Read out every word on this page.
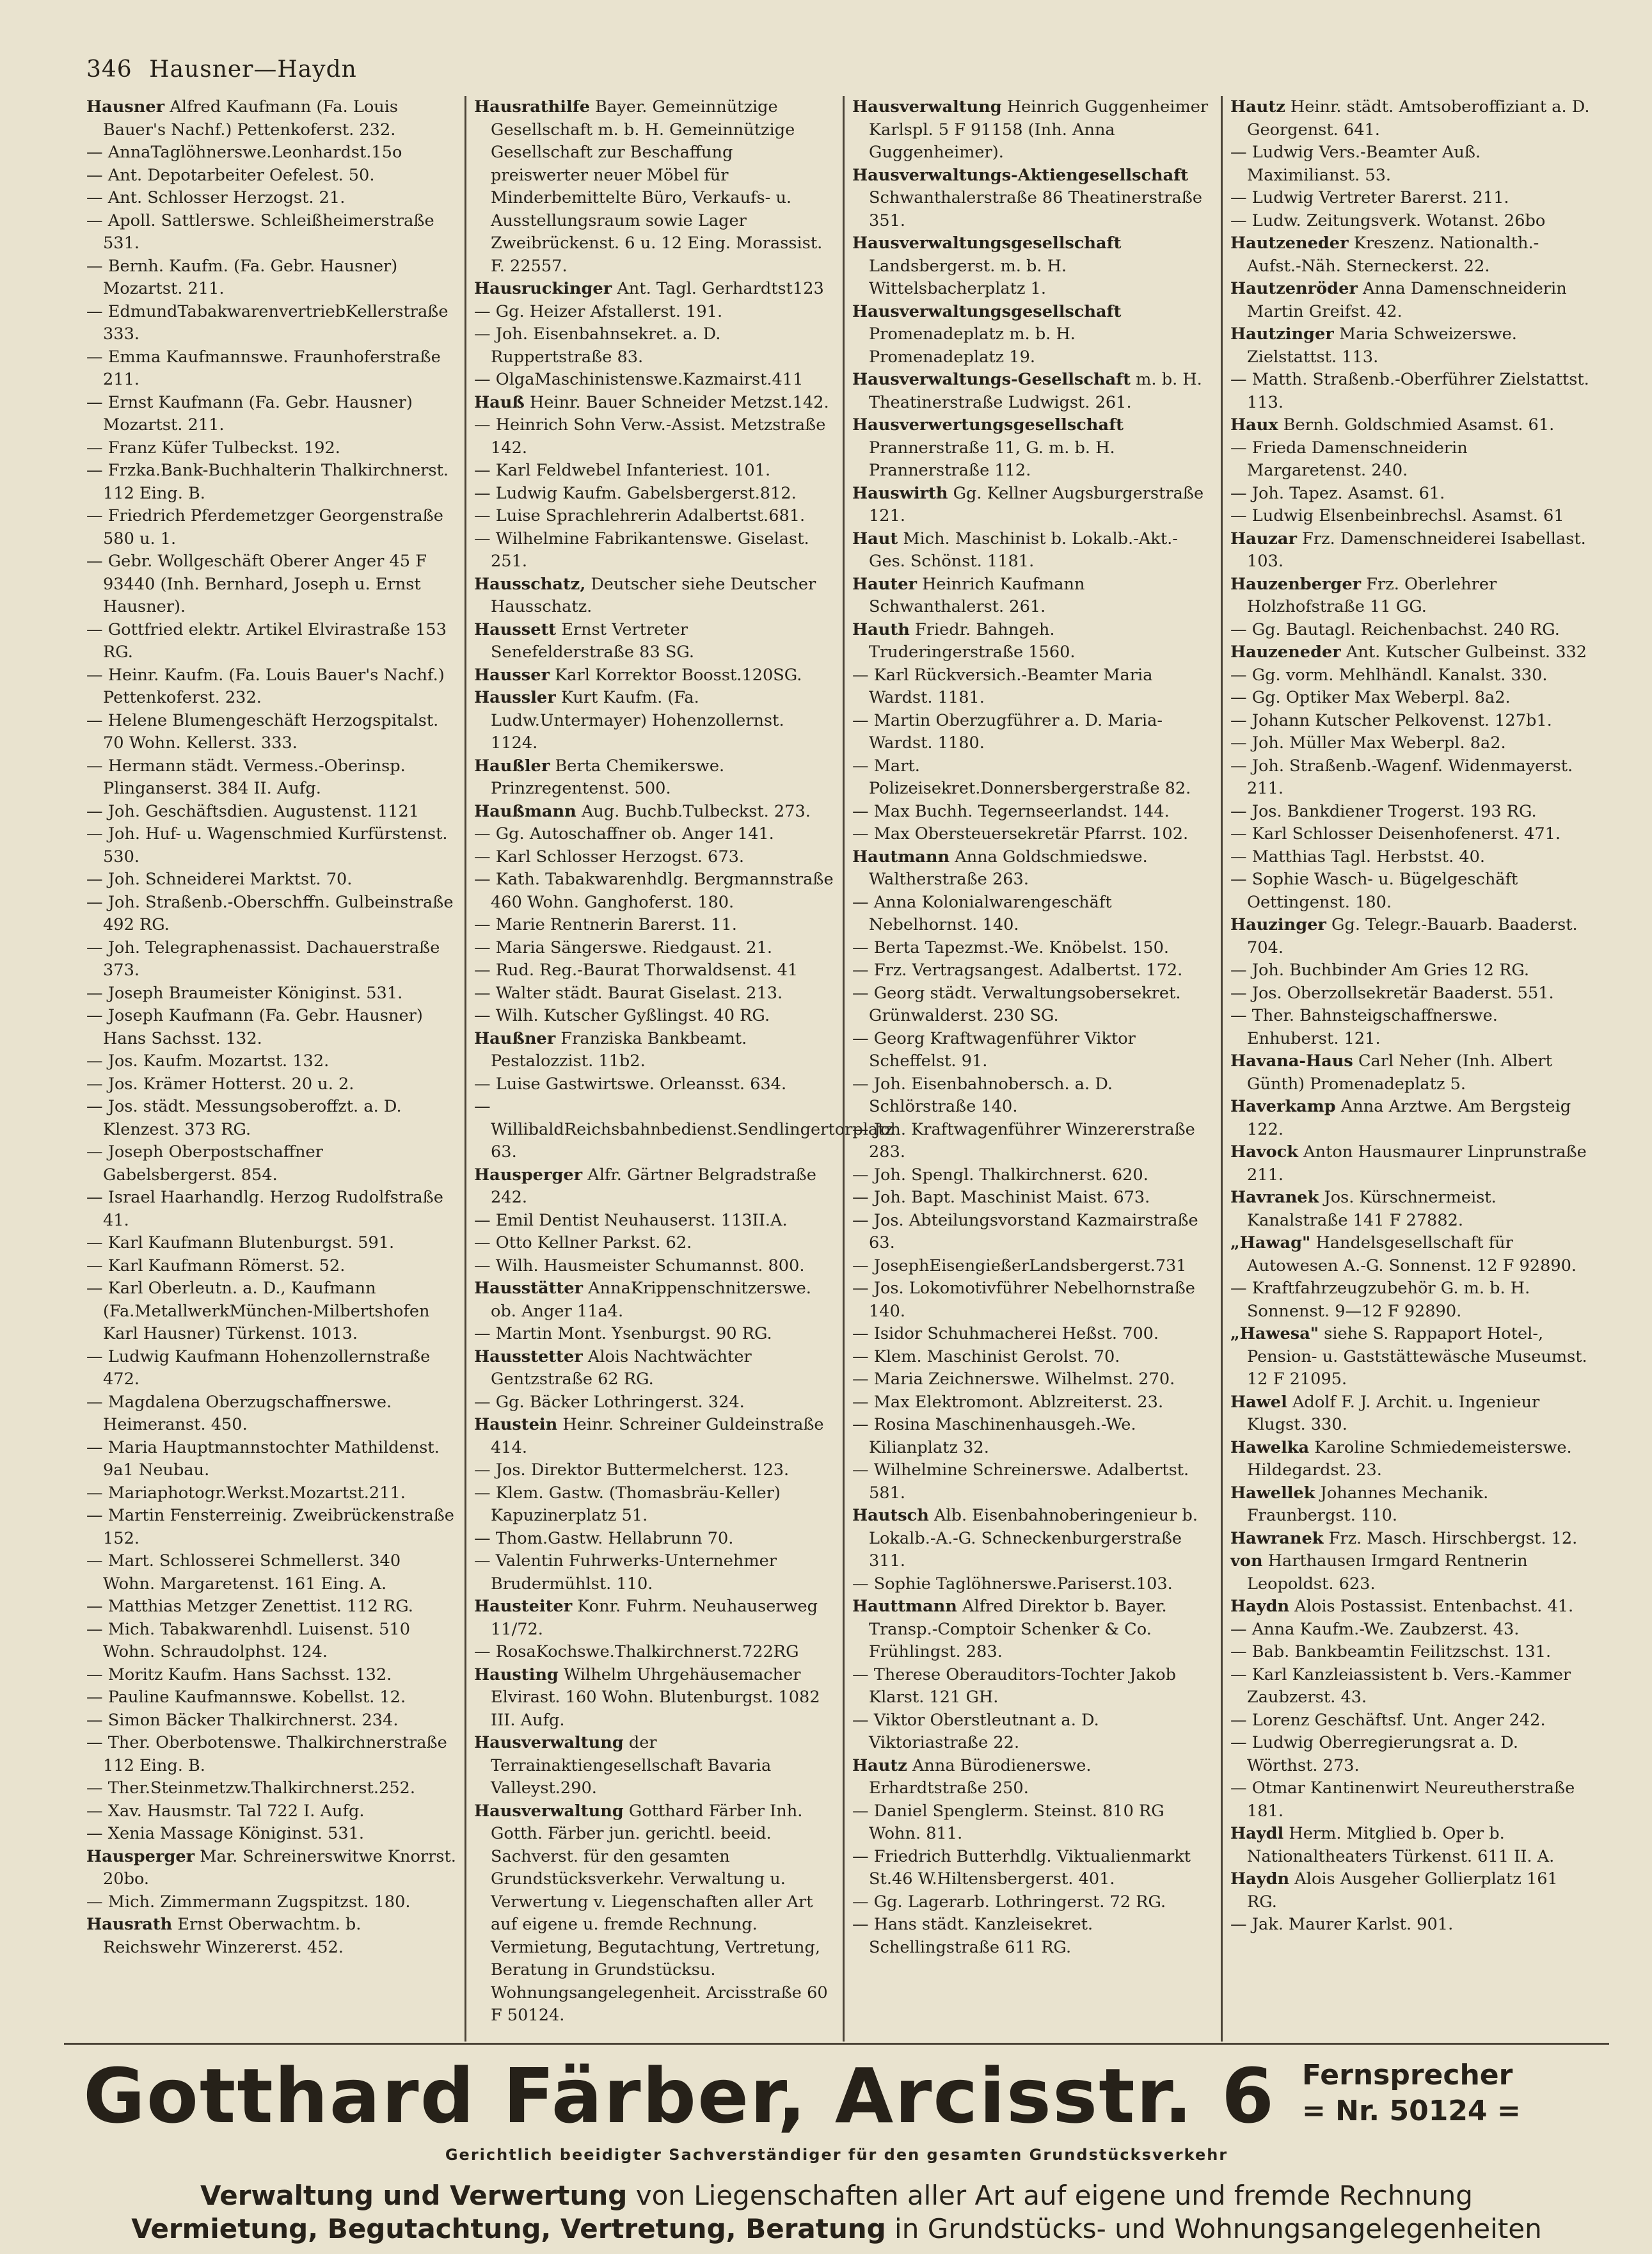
346 Hausner—Haydn

Hausner Alfred Kaufmann (Fa. Louis Bauer's Nachf.) Pettenkoferst. 232.

— AnnaTaglöhnerswe.Leonhardst.15o

— Ant. Depotarbeiter Oefelest. 50.

— Ant. Schlosser Herzogst. 21.

— Apoll. Sattlerswe. Schleißheimerstraße 531.

— Bernh. Kaufm. (Fa. Gebr. Hausner) Mozartst. 211.

— EdmundTabakwarenvertriebKellerstraße 333.

— Emma Kaufmannswe. Fraunhoferstraße 211.

— Ernst Kaufmann (Fa. Gebr. Hausner) Mozartst. 211.

— Franz Küfer Tulbeckst. 192.

— Frzka.Bank-Buchhalterin Thalkirchnerst. 112 Eing. B.

— Friedrich Pferdemetzger Georgenstraße 580 u. 1.

— Gebr. Wollgeschäft Oberer Anger 45 F 93440 (Inh. Bernhard, Joseph u. Ernst Hausner).

— Gottfried elektr. Artikel Elvirastraße 153 RG.

— Heinr. Kaufm. (Fa. Louis Bauer's Nachf.) Pettenkoferst. 232.

— Helene Blumengeschäft Herzogspitalst. 70 Wohn. Kellerst. 333.

— Hermann städt. Vermess.-Oberinsp. Plinganserst. 384 II. Aufg.

— Joh. Geschäftsdien. Augustenst. 1121

— Joh. Huf- u. Wagenschmied Kurfürstenst. 530.

— Joh. Schneiderei Marktst. 70.

— Joh. Straßenb.-Oberschffn. Gulbeinstraße 492 RG.

— Joh. Telegraphenassist. Dachauerstraße 373.

— Joseph Braumeister Königinst. 531.

— Joseph Kaufmann (Fa. Gebr. Hausner) Hans Sachsst. 132.

— Jos. Kaufm. Mozartst. 132.

— Jos. Krämer Hotterst. 20 u. 2.

— Jos. städt. Messungsoberoffzt. a. D. Klenzest. 373 RG.

— Joseph Oberpostschaffner Gabelsbergerst. 854.

— Israel Haarhandlg. Herzog Rudolfstraße 41.

— Karl Kaufmann Blutenburgst. 591.

— Karl Kaufmann Römerst. 52.

— Karl Oberleutn. a. D., Kaufmann (Fa.MetallwerkMünchen-Milbertshofen Karl Hausner) Türkenst. 1013.

— Ludwig Kaufmann Hohenzollernstraße 472.

— Magdalena Oberzugschaffnerswe. Heimeranst. 450.

— Maria Hauptmannstochter Mathildenst. 9a1 Neubau.

— Mariaphotogr.Werkst.Mozartst.211.

— Martin Fensterreinig. Zweibrückenstraße 152.

— Mart. Schlosserei Schmellerst. 340 Wohn. Margaretenst. 161 Eing. A.

— Matthias Metzger Zenettist. 112 RG.

— Mich. Tabakwarenhdl. Luisenst. 510 Wohn. Schraudolphst. 124.

— Moritz Kaufm. Hans Sachsst. 132.

— Pauline Kaufmannswe. Kobellst. 12.

— Simon Bäcker Thalkirchnerst. 234.

— Ther. Oberbotenswe. Thalkirchnerstraße 112 Eing. B.

— Ther.Steinmetzw.Thalkirchnerst.252.

— Xav. Hausmstr. Tal 722 I. Aufg.

— Xenia Massage Königinst. 531.

Hausperger Mar. Schreinerswitwe Knorrst. 20bo.

— Mich. Zimmermann Zugspitzst. 180.

Hausrath Ernst Oberwachtm. b. Reichswehr Winzererst. 452.

Hausrathilfe Bayer. Gemeinnützige Gesellschaft m. b. H. Gemeinnützige Gesellschaft zur Beschaffung preiswerter neuer Möbel für Minderbemittelte Büro, Verkaufs- u. Ausstellungsraum sowie Lager Zweibrückenst. 6 u. 12 Eing. Morassist. F. 22557.

Hausruckinger Ant. Tagl. Gerhardtst123

— Gg. Heizer Afstallerst. 191.

— Joh. Eisenbahnsekret. a. D. Ruppertstraße 83.

— OlgaMaschinistenswe.Kazmairst.411

Hauß Heinr. Bauer Schneider Metzst.142.

— Heinrich Sohn Verw.-Assist. Metzstraße 142.

— Karl Feldwebel Infanteriest. 101.

— Ludwig Kaufm. Gabelsbergerst.812.

— Luise Sprachlehrerin Adalbertst.681.

— Wilhelmine Fabrikantenswe. Giselast. 251.

Hausschatz, Deutscher siehe Deutscher Hausschatz.

Haussett Ernst Vertreter Senefelderstraße 83 SG.

Hausser Karl Korrektor Boosst.120SG.

Haussler Kurt Kaufm. (Fa. Ludw.Untermayer) Hohenzollernst. 1124.

Haußler Berta Chemikerswe. Prinzregentenst. 500.

Haußmann Aug. Buchb.Tulbeckst. 273.

— Gg. Autoschaffner ob. Anger 141.

— Karl Schlosser Herzogst. 673.

— Kath. Tabakwarenhdlg. Bergmannstraße 460 Wohn. Ganghoferst. 180.

— Marie Rentnerin Barerst. 11.

— Maria Sängerswe. Riedgaust. 21.

— Rud. Reg.-Baurat Thorwaldsenst. 41

— Walter städt. Baurat Giselast. 213.

— Wilh. Kutscher Gyßlingst. 40 RG.

Haußner Franziska Bankbeamt. Pestalozzist. 11b2.

— Luise Gastwirtswe. Orleansst. 634.

— WillibaldReichsbahnbedienst.Sendlingertorplatz 63.

Hausperger Alfr. Gärtner Belgradstraße 242.

— Emil Dentist Neuhauserst. 113II.A.

— Otto Kellner Parkst. 62.

— Wilh. Hausmeister Schumannst. 800.

Hausstätter AnnaKrippenschnitzerswe. ob. Anger 11a4.

— Martin Mont. Ysenburgst. 90 RG.

Hausstetter Alois Nachtwächter Gentzstraße 62 RG.

— Gg. Bäcker Lothringerst. 324.

Haustein Heinr. Schreiner Guldeinstraße 414.

— Jos. Direktor Buttermelcherst. 123.

— Klem. Gastw. (Thomasbräu-Keller) Kapuzinerplatz 51.

— Thom.Gastw. Hellabrunn 70.

— Valentin Fuhrwerks-Unternehmer Brudermühlst. 110.

Hausteiter Konr. Fuhrm. Neuhauserweg 11/72.

— RosaKochswe.Thalkirchnerst.722RG

Hausting Wilhelm Uhrgehäusemacher Elvirast. 160 Wohn. Blutenburgst. 1082 III. Aufg.

Hausverwaltung der Terrainaktiengesellschaft Bavaria Valleyst.290.

Hausverwaltung Gotthard Färber Inh. Gotth. Färber jun. gerichtl. beeid. Sachverst. für den gesamten Grundstücksverkehr. Verwaltung u. Verwertung v. Liegenschaften aller Art auf eigene u. fremde Rechnung. Vermietung, Begutachtung, Vertretung, Beratung in Grundstücksu. Wohnungsangelegenheit. Arcisstraße 60 F 50124.

Hausverwaltung Heinrich Guggenheimer Karlspl. 5 F 91158 (Inh. Anna Guggenheimer).

Hausverwaltungs-Aktiengesellschaft Schwanthalerstraße 86 Theatinerstraße 351.

Hausverwaltungsgesellschaft Landsbergerst. m. b. H. Wittelsbacherplatz 1.

Hausverwaltungsgesellschaft Promenadeplatz m. b. H. Promenadeplatz 19.

Hausverwaltungs-Gesellschaft m. b. H. Theatinerstraße Ludwigst. 261.

Hausverwertungsgesellschaft Prannerstraße 11, G. m. b. H. Prannerstraße 112.

Hauswirth Gg. Kellner Augsburgerstraße 121.

Haut Mich. Maschinist b. Lokalb.-Akt.-Ges. Schönst. 1181.

Hauter Heinrich Kaufmann Schwanthalerst. 261.

Hauth Friedr. Bahngeh. Truderingerstraße 1560.

— Karl Rückversich.-Beamter Maria Wardst. 1181.

— Martin Oberzugführer a. D. Maria-Wardst. 1180.

— Mart. Polizeisekret.Donnersbergerstraße 82.

— Max Buchh. Tegernseerlandst. 144.

— Max Obersteuersekretär Pfarrst. 102.

Hautmann Anna Goldschmiedswe. Waltherstraße 263.

— Anna Kolonialwarengeschäft Nebelhornst. 140.

— Berta Tapezmst.-We. Knöbelst. 150.

— Frz. Vertragsangest. Adalbertst. 172.

— Georg städt. Verwaltungsobersekret. Grünwalderst. 230 SG.

— Georg Kraftwagenführer Viktor Scheffelst. 91.

— Joh. Eisenbahnobersch. a. D. Schlörstraße 140.

— Joh. Kraftwagenführer Winzererstraße 283.

— Joh. Spengl. Thalkirchnerst. 620.

— Joh. Bapt. Maschinist Maist. 673.

— Jos. Abteilungsvorstand Kazmairstraße 63.

— JosephEisengießerLandsbergerst.731

— Jos. Lokomotivführer Nebelhornstraße 140.

— Isidor Schuhmacherei Heßst. 700.

— Klem. Maschinist Gerolst. 70.

— Maria Zeichnerswe. Wilhelmst. 270.

— Max Elektromont. Ablzreiterst. 23.

— Rosina Maschinenhausgeh.-We. Kilianplatz 32.

— Wilhelmine Schreinerswe. Adalbertst. 581.

Hautsch Alb. Eisenbahnoberingenieur b. Lokalb.-A.-G. Schneckenburgerstraße 311.

— Sophie Taglöhnerswe.Pariserst.103.

Hauttmann Alfred Direktor b. Bayer. Transp.-Comptoir Schenker & Co. Frühlingst. 283.

— Therese Oberauditors-Tochter Jakob Klarst. 121 GH.

— Viktor Oberstleutnant a. D. Viktoriastraße 22.

Hautz Anna Bürodienerswe. Erhardtstraße 250.

— Daniel Spenglerm. Steinst. 810 RG Wohn. 811.

— Friedrich Butterhdlg. Viktualienmarkt St.46 W.Hiltensbergerst. 401.

— Gg. Lagerarb. Lothringerst. 72 RG.

— Hans städt. Kanzleisekret. Schellingstraße 611 RG.

Hautz Heinr. städt. Amtsoberoffiziant a. D. Georgenst. 641.

— Ludwig Vers.-Beamter Auß. Maximilianst. 53.

— Ludwig Vertreter Barerst. 211.

— Ludw. Zeitungsverk. Wotanst. 26bo

Hautzeneder Kreszenz. Nationalth.-Aufst.-Näh. Sterneckerst. 22.

Hautzenröder Anna Damenschneiderin Martin Greifst. 42.

Hautzinger Maria Schweizerswe. Zielstattst. 113.

— Matth. Straßenb.-Oberführer Zielstattst. 113.

Haux Bernh. Goldschmied Asamst. 61.

— Frieda Damenschneiderin Margaretenst. 240.

— Joh. Tapez. Asamst. 61.

— Ludwig Elsenbeinbrechsl. Asamst. 61

Hauzar Frz. Damenschneiderei Isabellast. 103.

Hauzenberger Frz. Oberlehrer Holzhofstraße 11 GG.

— Gg. Bautagl. Reichenbachst. 240 RG.

Hauzeneder Ant. Kutscher Gulbeinst. 332

— Gg. vorm. Mehlhändl. Kanalst. 330.

— Gg. Optiker Max Weberpl. 8a2.

— Johann Kutscher Pelkovenst. 127b1.

— Joh. Müller Max Weberpl. 8a2.

— Joh. Straßenb.-Wagenf. Widenmayerst. 211.

— Jos. Bankdiener Trogerst. 193 RG.

— Karl Schlosser Deisenhofenerst. 471.

— Matthias Tagl. Herbstst. 40.

— Sophie Wasch- u. Bügelgeschäft Oettingenst. 180.

Hauzinger Gg. Telegr.-Bauarb. Baaderst. 704.

— Joh. Buchbinder Am Gries 12 RG.

— Jos. Oberzollsekretär Baaderst. 551.

— Ther. Bahnsteigschaffnerswe. Enhuberst. 121.

Havana-Haus Carl Neher (Inh. Albert Günth) Promenadeplatz 5.

Haverkamp Anna Arztwe. Am Bergsteig 122.

Havock Anton Hausmaurer Linprunstraße 211.

Havranek Jos. Kürschnermeist. Kanalstraße 141 F 27882.

„Hawag" Handelsgesellschaft für Autowesen A.-G. Sonnenst. 12 F 92890.

— Kraftfahrzeugzubehör G. m. b. H. Sonnenst. 9—12 F 92890.

„Hawesa" siehe S. Rappaport Hotel-, Pension- u. Gaststättewäsche Museumst. 12 F 21095.

Hawel Adolf F. J. Archit. u. Ingenieur Klugst. 330.

Hawelka Karoline Schmiedemeisterswe. Hildegardst. 23.

Hawellek Johannes Mechanik. Fraunbergst. 110.

Hawranek Frz. Masch. Hirschbergst. 12.

von Harthausen Irmgard Rentnerin Leopoldst. 623.

Haydn Alois Postassist. Entenbachst. 41.

— Anna Kaufm.-We. Zaubzerst. 43.

— Bab. Bankbeamtin Feilitzschst. 131.

— Karl Kanzleiassistent b. Vers.-Kammer Zaubzerst. 43.

— Lorenz Geschäftsf. Unt. Anger 242.

— Ludwig Oberregierungsrat a. D. Wörthst. 273.

— Otmar Kantinenwirt Neureutherstraße 181.

Haydl Herm. Mitglied b. Oper b. Nationaltheaters Türkenst. 611 II. A.

Haydn Alois Ausgeher Gollierplatz 161 RG.

— Jak. Maurer Karlst. 901.

Gotthard Färber, Arcisstr. 6 Fernsprecher
= Nr. 50124 =
Gerichtlich beeidigter Sachverständiger für den gesamten Grundstücksverkehr
Verwaltung und Verwertung von Liegenschaften aller Art auf eigene und fremde Rechnung
Vermietung, Begutachtung, Vertretung, Beratung in Grundstücks- und Wohnungsangelegenheiten
